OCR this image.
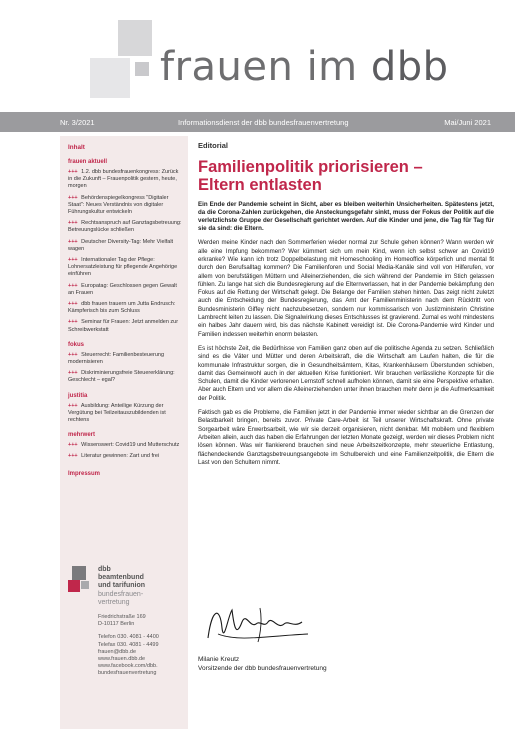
frauen im dbb
Nr. 3/2021	Informationsdienst der dbb bundesfrauenvertretung	Mai/Juni 2021
Inhalt
frauen aktuell
+++ 1.2. dbb bundesfrauenkongress: Zurück in die Zukunft – Frauenpolitik gestern, heute, morgen
+++ Behördenspiegelkongress "Digitaler Staat": Neues Verständnis von digitaler Führungskultur entwickeln
+++ Rechtsanspruch auf Ganztagsbetreuung: Betreuungslücke schließen
+++ Deutscher Diversity-Tag: Mehr Vielfalt wagen
+++ Internationaler Tag der Pflege: Lohnersatzleistung für pflegende Angehörige einführen
+++ Europatag: Geschlossen gegen Gewalt an Frauen
+++ dbb frauen trauern um Jutta Endrusch: Kämpferisch bis zum Schluss
+++ Seminar für Frauen: Jetzt anmelden zur Schreibwerkstatt
fokus
+++ Steuerrecht: Familienbesteuerung modernisieren
+++ Diskriminierungsfreie Steuererklärung: Geschlecht – egal?
justitia
+++ Ausbildung: Anteilige Kürzung der Vergütung bei Teilzeitauszubildenden ist rechtens
mehrwert
+++ Wissenswert: Covid19 und Mutterschutz
+++ Literatur gewinnen: Zart und frei
Impressum
dbb
beamtenbund
und tarifunion
bundesfrauen-
vertretung
Friedrichstraße 169
D-10117 Berlin
Telefon 030. 4081 - 4400
Telefax 030. 4081 - 4499
frauen@dbb.de
www.frauen.dbb.de
www.facebook.com/dbb.
bundesfrauenvertretung
Editorial
Familienpolitik priorisieren –
Eltern entlasten
Ein Ende der Pandemie scheint in Sicht, aber es bleiben weiterhin Unsicherheiten. Spätestens jetzt, da die Corona-Zahlen zurückgehen, die Ansteckungsgefahr sinkt, muss der Fokus der Politik auf die verletzlichste Gruppe der Gesellschaft gerichtet werden. Auf die Kinder und jene, die Tag für Tag für sie da sind: die Eltern.

Werden meine Kinder nach den Sommerferien wieder normal zur Schule gehen können? Wann werden wir alle eine Impfung bekommen? Wer kümmert sich um mein Kind, wenn ich selbst schwer an Covid19 erkranke? Wie kann ich trotz Doppelbelastung mit Homeschooling im Homeoffice körperlich und mental fit durch den Berufsalltag kommen? Die Familienforen und Social Media-Kanäle sind voll von Hilferufen, vor allem von berufstätigen Müttern und Alleinerziehenden, die sich während der Pandemie im Stich gelassen fühlen. Zu lange hat sich die Bundesregierung auf die Elternverlassen, hat in der Pandemie bekämpfung den Fokus auf die Rettung der Wirtschaft gelegt. Die Belange der Familien stehen hinten. Das zeigt nicht zuletzt auch die Entscheidung der Bundesregierung, das Amt der Familienministerin nach dem Rücktritt von Bundesministerin Giffey nicht nachzubesetzen, sondern nur kommissarisch von Justizministerin Christine Lambrecht leiten zu lassen. Die Signalwirkung dieses Entschlusses ist gravierend. Zumal es wohl mindestens ein halbes Jahr dauern wird, bis das nächste Kabinett vereidigt ist. Die Corona-Pandemie wird Kinder und Familien indessen weiterhin enorm belasten.

Es ist höchste Zeit, die Bedürfnisse von Familien ganz oben auf die politische Agenda zu setzen. Schließlich sind es die Väter und Mütter und deren Arbeitskraft, die die Wirtschaft am Laufen halten, die für die kommunale Infrastruktur sorgen, die in Gesundheitsämtern, Kitas, Krankenhäusern Überstunden schieben, damit das Gemeinwohl auch in der aktuellen Krise funktioniert. Wir brauchen verlässliche Konzepte für die Schulen, damit die Kinder verlorenen Lernstoff schnell aufholen können, damit sie eine Perspektive erhalten. Aber auch Eltern und vor allem die Alleinerziehenden unter ihnen brauchen mehr denn je die Aufmerksamkeit der Politik.

Faktisch gab es die Probleme, die Familien jetzt in der Pandemie immer wieder sichtbar an die Grenzen der Belastbarkeit bringen, bereits zuvor. Private Care-Arbeit ist Teil unserer Wirtschaftskraft. Ohne private Sorgearbeit wäre Erwerbsarbeit, wie wir sie derzeit organisieren, nicht denkbar. Mit mobilem und flexiblem Arbeiten allein, auch das haben die Erfahrungen der letzten Monate gezeigt, werden wir dieses Problem nicht lösen können. Was wir flankierend brauchen sind neue Arbeitszeitkonzepte, mehr steuerliche Entlastung, flächendeckende Ganztagsbetreuungsangebote im Schulbereich und eine Familienzeitpolitik, die Eltern die Last von den Schultern nimmt.

Milanie Kreutz
Vorsitzende der dbb bundesfrauenvertretung
